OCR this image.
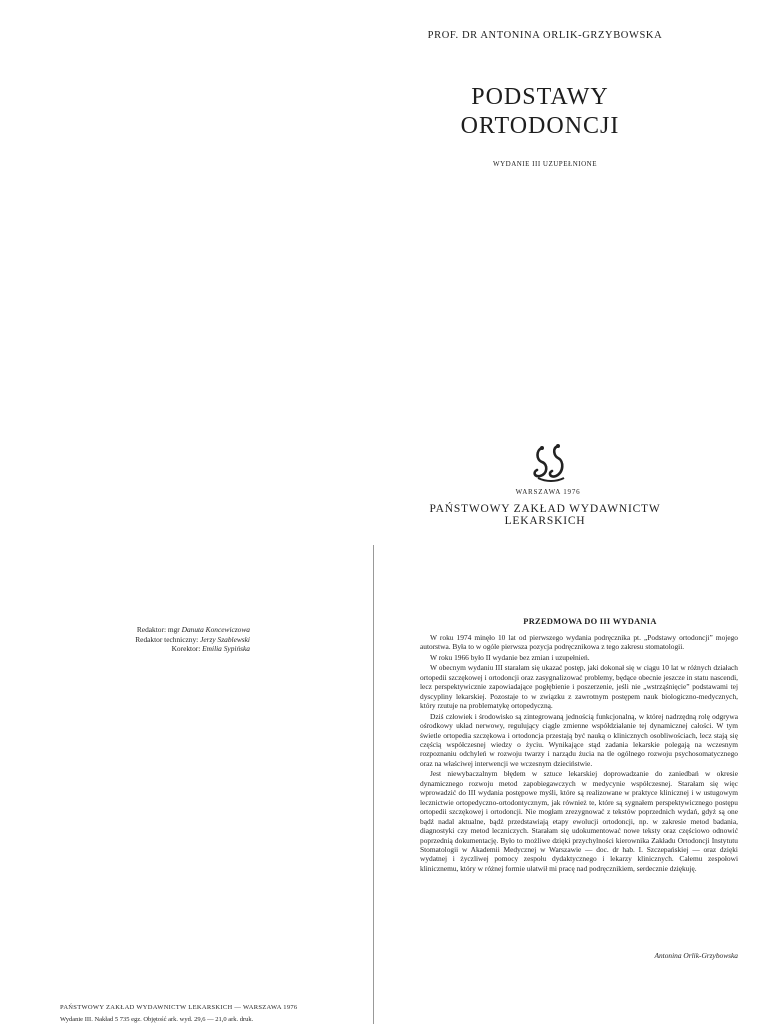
PROF. DR ANTONINA ORLIK-GRZYBOWSKA
PODSTAWY
ORTODONCJI
WYDANIE III UZUPEŁNIONE
WARSZAWA 1976
PAŃSTWOWY ZAKŁAD WYDAWNICTW LEKARSKICH
Redaktor: mgr Danuta Koncewiczowa
Redaktor techniczny: Jerzy Szablewski
Korektor: Emilia Sypińska
PRZEDMOWA DO III WYDANIA

W roku 1974 minęło 10 lat od pierwszego wydania podręcznika pt. „Podstawy ortodoncji” mojego autorstwa. Była to w ogóle pierwsza pozycja podręcznikowa z tego zakresu stomatologii.

W roku 1966 było II wydanie bez zmian i uzupełnień.

W obecnym wydaniu III starałam się ukazać postęp, jaki dokonał się w ciągu 10 lat w różnych działach ortopedii szczękowej i ortodoncji oraz zasygnalizować problemy, będące obecnie jeszcze in statu nascendi, lecz perspektywicznie zapowiadające pogłębienie i poszerzenie, jeśli nie „wstrząśnięcie” podstawami tej dyscypliny lekarskiej. Pozostaje to w związku z zawrotnym postępem nauk biologiczno-medycznych, który rzutuje na problematykę ortopedyczną.

Dziś człowiek i środowisko są zintegrowaną jednością funkcjonalną, w której nadrzędną rolę odgrywa ośrodkowy układ nerwowy, regulujący ciągle zmienne współdziałanie tej dynamicznej całości. W tym świetle ortopedia szczękowa i ortodoncja przestają być nauką o klinicznych osobliwościach, lecz stają się częścią współczesnej wiedzy o życiu. Wynikające stąd zadania lekarskie polegają na wczesnym rozpoznaniu odchyleń w rozwoju twarzy i narządu żucia na tle ogólnego rozwoju psychosomatycznego oraz na właściwej interwencji we wczesnym dzieciństwie.

Jest niewybaczalnym błędem w sztuce lekarskiej doprowadzanie do zaniedbań w okresie dynamicznego rozwoju metod zapobiegawczych w medycynie współczesnej. Starałam się więc wprowadzić do III wydania postępowe myśli, które są realizowane w praktyce klinicznej i w ustugowym lecznictwie ortopedyczno-ortodontycznym, jak również te, które są sygnałem perspektywicznego postępu ortopedii szczękowej i ortodoncji. Nie mogłam zrezygnować z tekstów poprzednich wydań, gdyż są one bądź nadal aktualne, bądź przedstawiają etapy ewolucji ortodoncji, np. w zakresie metod badania, diagnostyki czy metod leczniczych. Starałam się udokumentować nowe teksty oraz częściowo odnowić poprzednią dokumentację. Było to możliwe dzięki przychylności kierownika Zakładu Ortodoncji Instytutu Stomatologii w Akademii Medycznej w Warszawie — doc. dr hab. I. Szczepańskiej — oraz dzięki wydatnej i życzliwej pomocy zespołu dydaktycznego i lekarzy klinicznych. Całemu zespołowi klinicznemu, który w różnej formie ułatwił mi pracę nad podręcznikiem, serdecznie dziękuję.

Antonina Orlik-Grzybowska
PAŃSTWOWY ZAKŁAD WYDAWNICTW LEKARSKICH — WARSZAWA 1976
Wydanie III. Nakład 5 735 egz. Objętość ark. wyd. 29,6 — 21,0 ark. druk.
